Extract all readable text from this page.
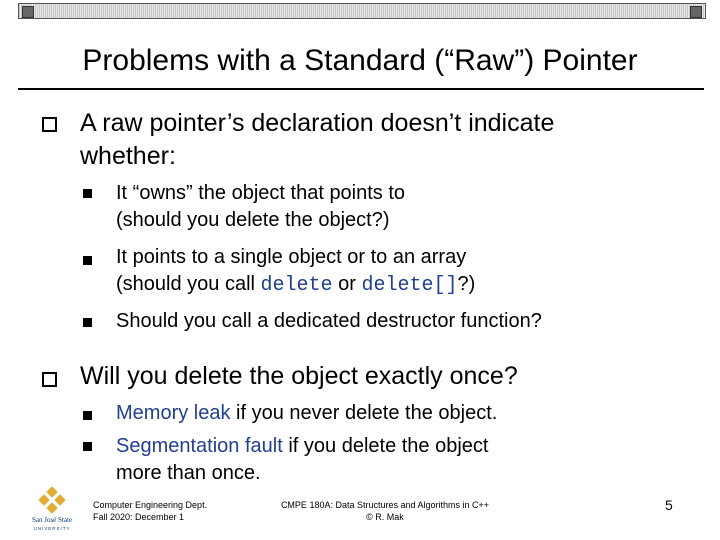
Problems with a Standard (“Raw”) Pointer
A raw pointer’s declaration doesn’t indicate
whether:
It “owns” the object that points to
(should you delete the object?)
It points to a single object or to an array
(should you call delete or delete[]?)
Should you call a dedicated destructor function?
Will you delete the object exactly once?
Memory leak if you never delete the object.
Segmentation fault if you delete the object
more than once.
San José State
UNIVERSITY
Computer Engineering Dept.
Fall 2020: December 1
CMPE 180A: Data Structures and Algorithms in C++
© R. Mak
5
